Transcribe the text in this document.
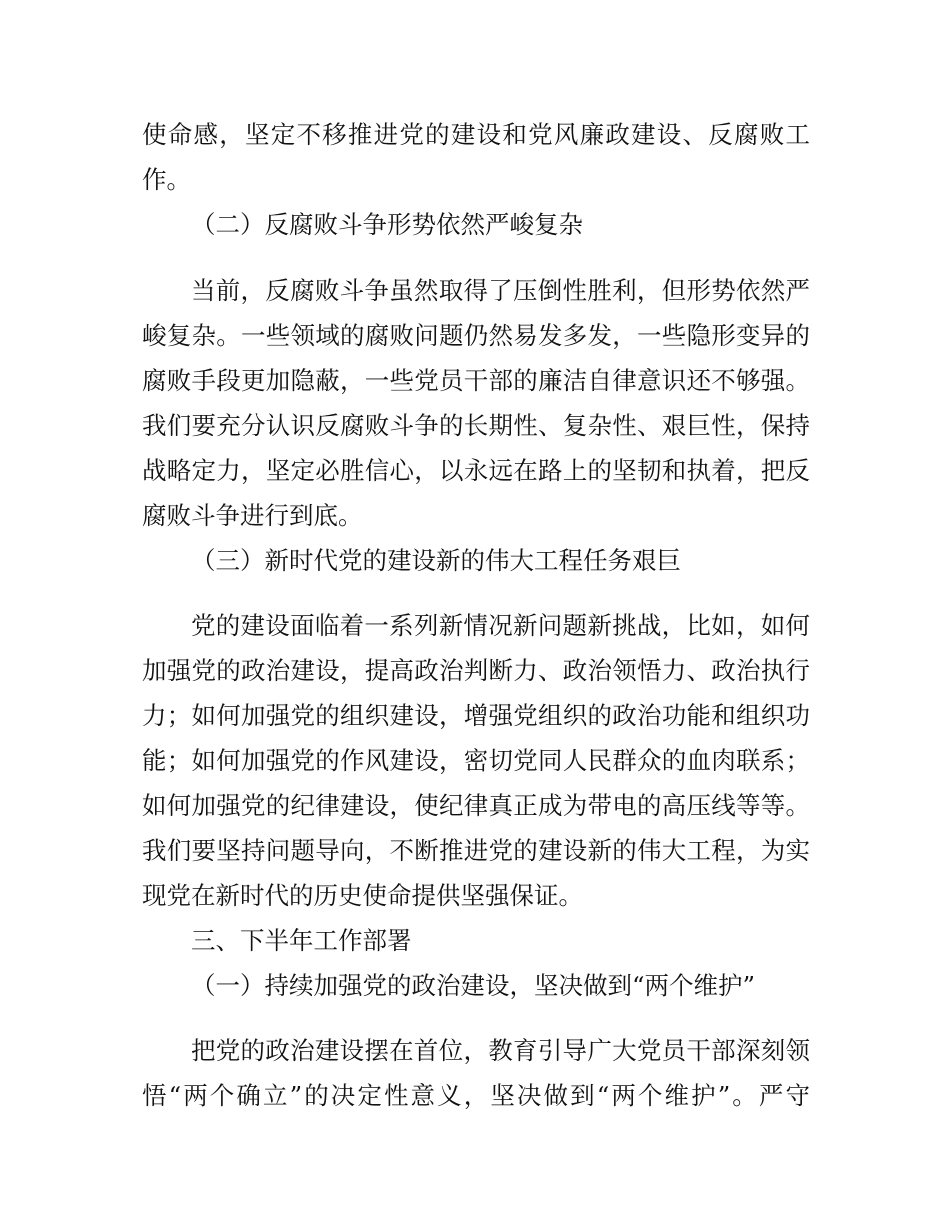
使命感，坚定不移推进党的建设和党风廉政建设、反腐败工
作。
（二）反腐败斗争形势依然严峻复杂
当前，反腐败斗争虽然取得了压倒性胜利，但形势依然严
峻复杂。一些领域的腐败问题仍然易发多发，一些隐形变异的
腐败手段更加隐蔽，一些党员干部的廉洁自律意识还不够强。
我们要充分认识反腐败斗争的长期性、复杂性、艰巨性，保持
战略定力，坚定必胜信心，以永远在路上的坚韧和执着，把反
腐败斗争进行到底。
（三）新时代党的建设新的伟大工程任务艰巨
党的建设面临着一系列新情况新问题新挑战，比如，如何
加强党的政治建设，提高政治判断力、政治领悟力、政治执行
力；如何加强党的组织建设，增强党组织的政治功能和组织功
能；如何加强党的作风建设，密切党同人民群众的血肉联系；
如何加强党的纪律建设，使纪律真正成为带电的高压线等等。
我们要坚持问题导向，不断推进党的建设新的伟大工程，为实
现党在新时代的历史使命提供坚强保证。
三、下半年工作部署
（一）持续加强党的政治建设，坚决做到“两个维护”
把党的政治建设摆在首位，教育引导广大党员干部深刻领
悟“两个确立”的决定性意义，坚决做到“两个维护”。严守
